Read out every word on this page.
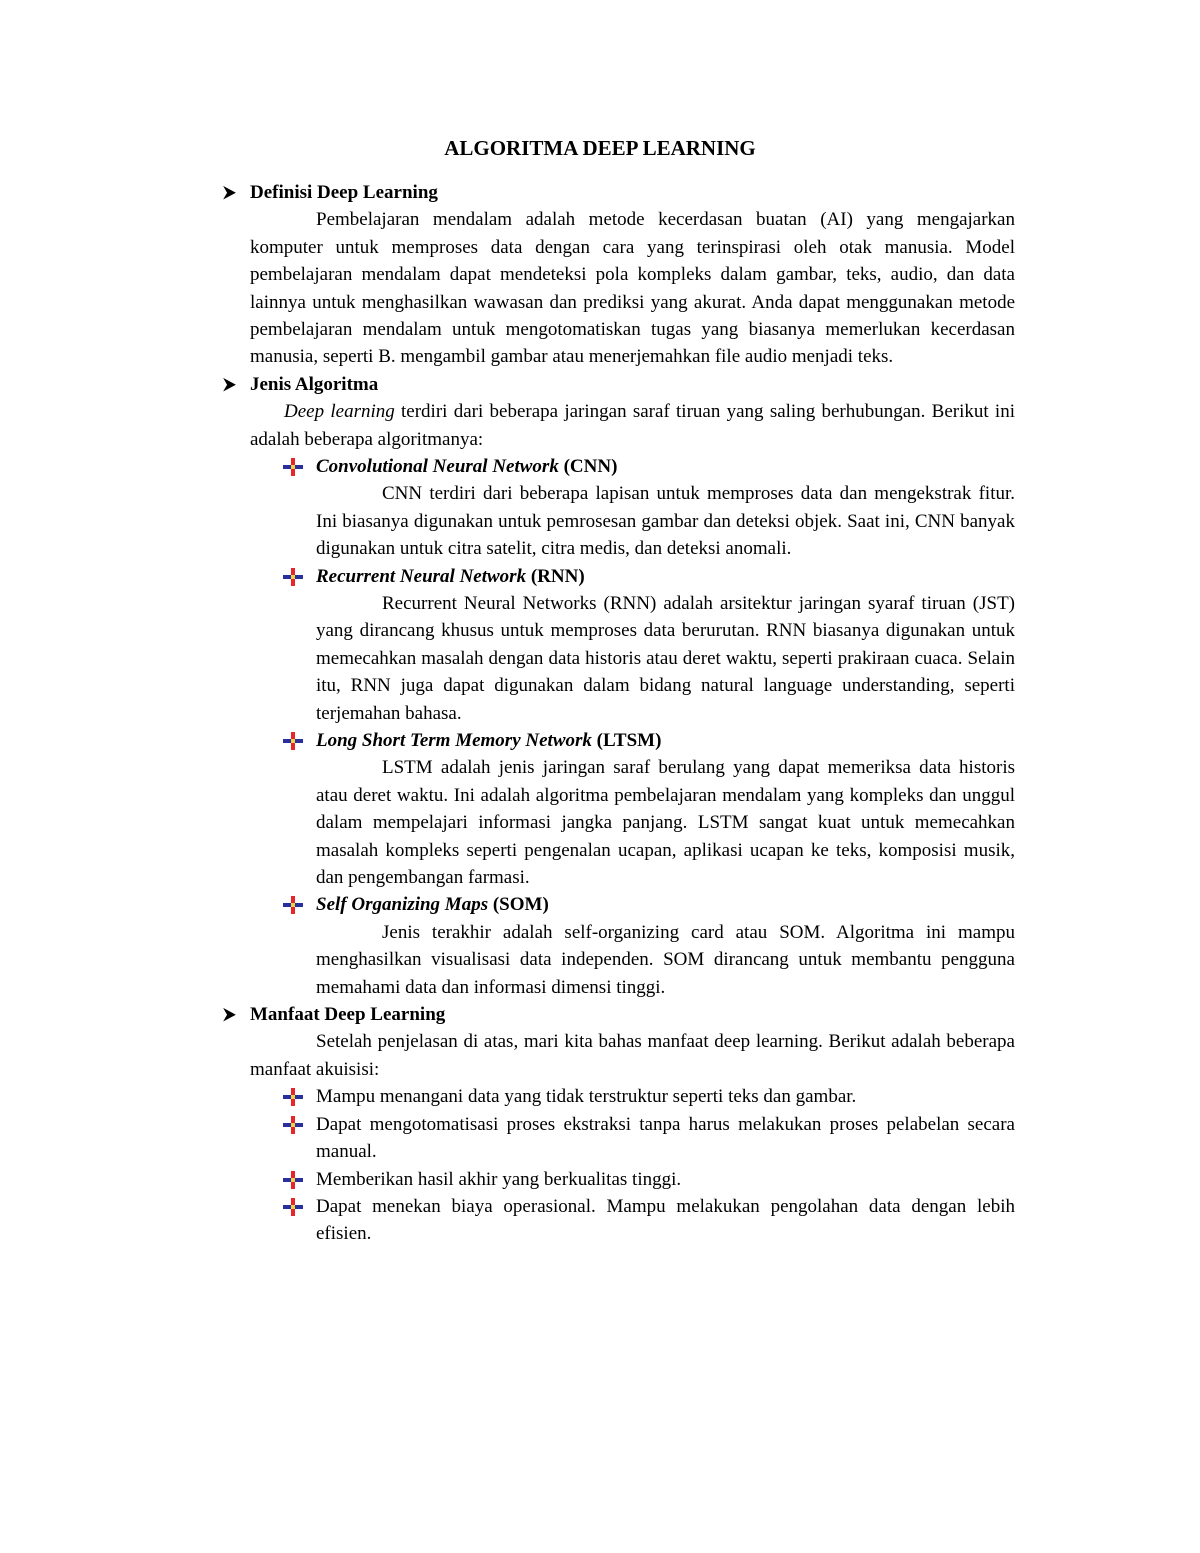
ALGORITMA DEEP LEARNING
Definisi Deep Learning

Pembelajaran mendalam adalah metode kecerdasan buatan (AI) yang mengajarkan komputer untuk memproses data dengan cara yang terinspirasi oleh otak manusia. Model pembelajaran mendalam dapat mendeteksi pola kompleks dalam gambar, teks, audio, dan data lainnya untuk menghasilkan wawasan dan prediksi yang akurat. Anda dapat menggunakan metode pembelajaran mendalam untuk mengotomatiskan tugas yang biasanya memerlukan kecerdasan manusia, seperti B. mengambil gambar atau menerjemahkan file audio menjadi teks.

Jenis Algoritma

Deep learning terdiri dari beberapa jaringan saraf tiruan yang saling berhubungan. Berikut ini adalah beberapa algoritmanya:

Convolutional Neural Network (CNN)

CNN terdiri dari beberapa lapisan untuk memproses data dan mengekstrak fitur. Ini biasanya digunakan untuk pemrosesan gambar dan deteksi objek. Saat ini, CNN banyak digunakan untuk citra satelit, citra medis, dan deteksi anomali.

Recurrent Neural Network (RNN)

Recurrent Neural Networks (RNN) adalah arsitektur jaringan syaraf tiruan (JST) yang dirancang khusus untuk memproses data berurutan. RNN biasanya digunakan untuk memecahkan masalah dengan data historis atau deret waktu, seperti prakiraan cuaca. Selain itu, RNN juga dapat digunakan dalam bidang natural language understanding, seperti terjemahan bahasa.

Long Short Term Memory Network (LTSM)

LSTM adalah jenis jaringan saraf berulang yang dapat memeriksa data historis atau deret waktu. Ini adalah algoritma pembelajaran mendalam yang kompleks dan unggul dalam mempelajari informasi jangka panjang. LSTM sangat kuat untuk memecahkan masalah kompleks seperti pengenalan ucapan, aplikasi ucapan ke teks, komposisi musik, dan pengembangan farmasi.

Self Organizing Maps (SOM)

Jenis terakhir adalah self-organizing card atau SOM. Algoritma ini mampu menghasilkan visualisasi data independen. SOM dirancang untuk membantu pengguna memahami data dan informasi dimensi tinggi.

Manfaat Deep Learning

Setelah penjelasan di atas, mari kita bahas manfaat deep learning. Berikut adalah beberapa manfaat akuisisi:

Mampu menangani data yang tidak terstruktur seperti teks dan gambar.

Dapat mengotomatisasi proses ekstraksi tanpa harus melakukan proses pelabelan secara manual.

Memberikan hasil akhir yang berkualitas tinggi.

Dapat menekan biaya operasional. Mampu melakukan pengolahan data dengan lebih efisien.
